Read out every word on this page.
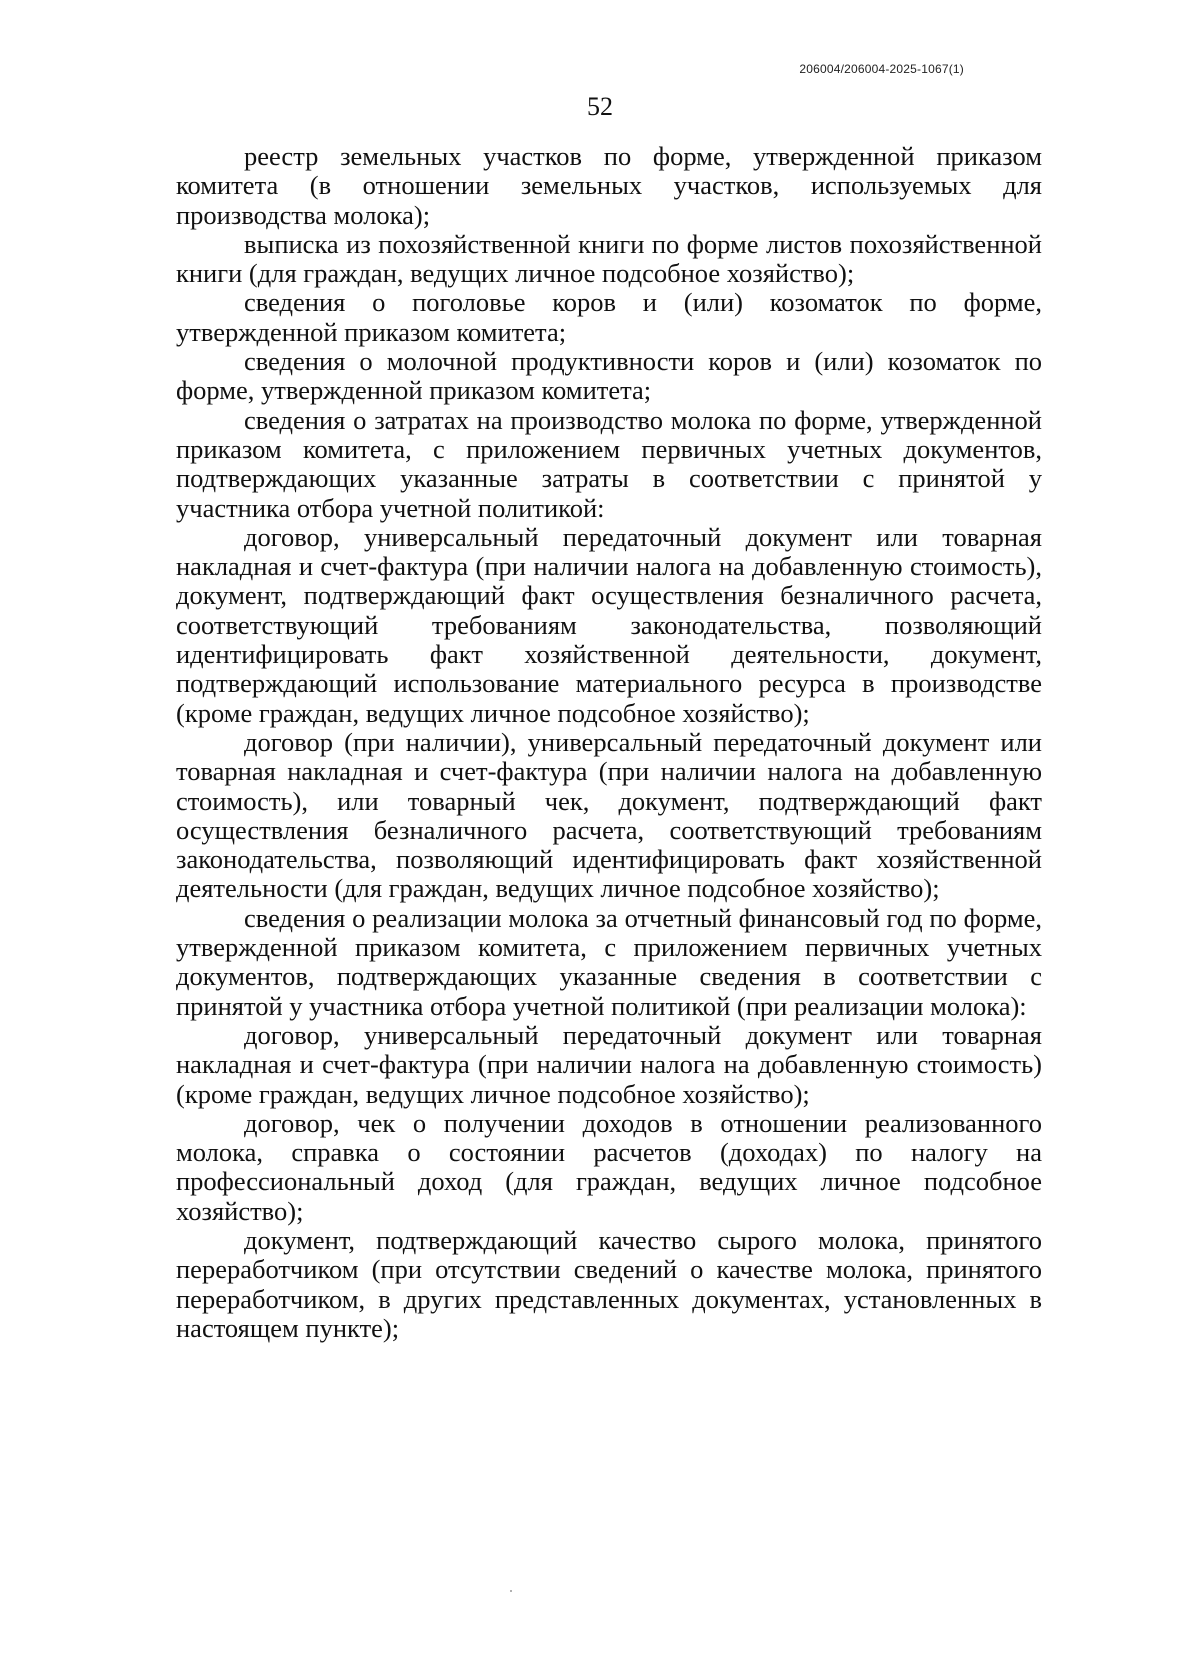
206004/206004-2025-1067(1)
52

реестр земельных участков по форме, утвержденной приказом комитета (в отношении земельных участков, используемых для производства молока);

выписка из похозяйственной книги по форме листов похозяйственной книги (для граждан, ведущих личное подсобное хозяйство);

сведения о поголовье коров и (или) козоматок по форме, утвержденной приказом комитета;

сведения о молочной продуктивности коров и (или) козоматок по форме, утвержденной приказом комитета;

сведения о затратах на производство молока по форме, утвержденной приказом комитета, с приложением первичных учетных документов, подтверждающих указанные затраты в соответствии с принятой у участника отбора учетной политикой:

договор, универсальный передаточный документ или товарная накладная и счет-фактура (при наличии налога на добавленную стоимость), документ, подтверждающий факт осуществления безналичного расчета, соответствующий требованиям законодательства, позволяющий идентифицировать факт хозяйственной деятельности, документ, подтверждающий использование материального ресурса в производстве (кроме граждан, ведущих личное подсобное хозяйство);

договор (при наличии), универсальный передаточный документ или товарная накладная и счет-фактура (при наличии налога на добавленную стоимость), или товарный чек, документ, подтверждающий факт осуществления безналичного расчета, соответствующий требованиям законодательства, позволяющий идентифицировать факт хозяйственной деятельности (для граждан, ведущих личное подсобное хозяйство);

сведения о реализации молока за отчетный финансовый год по форме, утвержденной приказом комитета, с приложением первичных учетных документов, подтверждающих указанные сведения в соответствии с принятой у участника отбора учетной политикой (при реализации молока):

договор, универсальный передаточный документ или товарная накладная и счет-фактура (при наличии налога на добавленную стоимость) (кроме граждан, ведущих личное подсобное хозяйство);

договор, чек о получении доходов в отношении реализованного молока, справка о состоянии расчетов (доходах) по налогу на профессиональный доход (для граждан, ведущих личное подсобное хозяйство);

документ, подтверждающий качество сырого молока, принятого переработчиком (при отсутствии сведений о качестве молока, принятого переработчиком, в других представленных документах, установленных в настоящем пункте);
